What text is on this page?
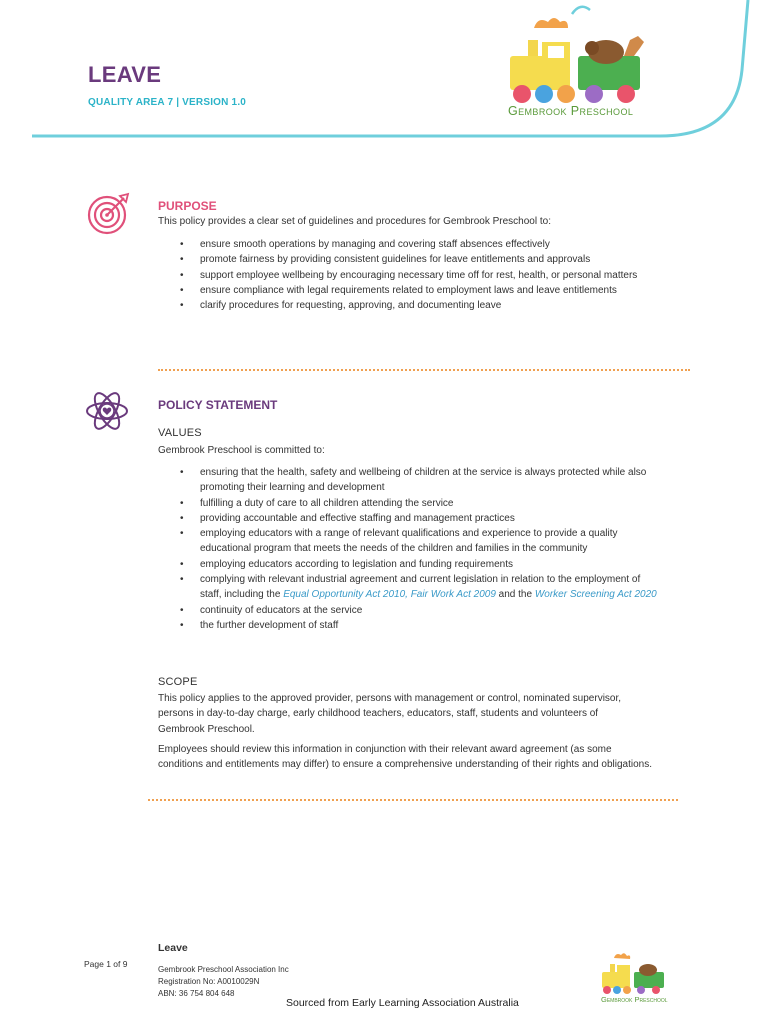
LEAVE
QUALITY AREA 7 | VERSION 1.0
Gembrook Preschool
PURPOSE
This policy provides a clear set of guidelines and procedures for Gembrook Preschool to:
• ensure smooth operations by managing and covering staff absences effectively
• promote fairness by providing consistent guidelines for leave entitlements and approvals
• support employee wellbeing by encouraging necessary time off for rest, health, or personal matters
• ensure compliance with legal requirements related to employment laws and leave entitlements
• clarify procedures for requesting, approving, and documenting leave
POLICY STATEMENT
VALUES
Gembrook Preschool is committed to:
• ensuring that the health, safety and wellbeing of children at the service is always protected while also promoting their learning and development
• fulfilling a duty of care to all children attending the service
• providing accountable and effective staffing and management practices
• employing educators with a range of relevant qualifications and experience to provide a quality educational program that meets the needs of the children and families in the community
• employing educators according to legislation and funding requirements
• complying with relevant industrial agreement and current legislation in relation to the employment of staff, including the Equal Opportunity Act 2010, Fair Work Act 2009 and the Worker Screening Act 2020
• continuity of educators at the service
• the further development of staff
SCOPE
This policy applies to the approved provider, persons with management or control, nominated supervisor, persons in day-to-day charge, early childhood teachers, educators, staff, students and volunteers of Gembrook Preschool.
Employees should review this information in conjunction with their relevant award agreement (as some conditions and entitlements may differ) to ensure a comprehensive understanding of their rights and obligations.
Leave
Page 1 of 9
Gembrook Preschool Association Inc
Registration No: A0010029N
ABN: 36 754 804 648
Gembrook Preschool
Sourced from Early Learning Association Australia
